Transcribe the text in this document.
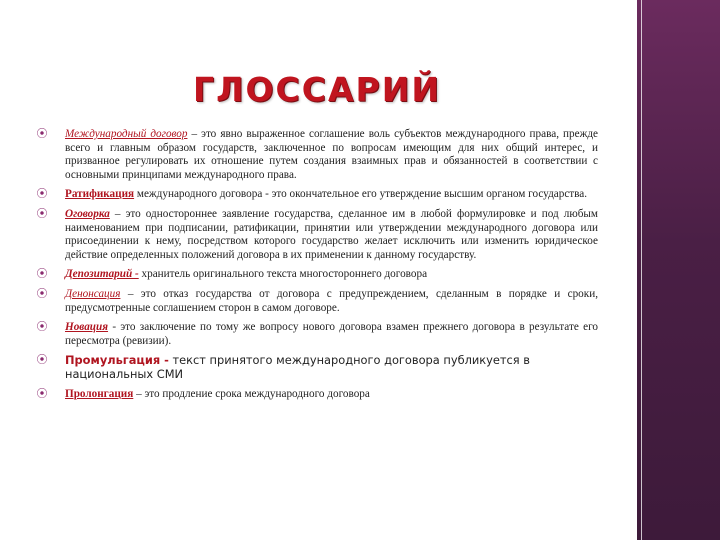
ГЛОССАРИЙ
⦿ Международный договор – это явно выраженное соглашение воль субъектов международного права, прежде всего и главным образом государств, заключенное по вопросам имеющим для них общий интерес, и призванное регулировать их отношение путем создания взаимных прав и обязанностей в соответствии с основными принципами международного права.
⦿ Ратификация международного договора - это окончательное его утверждение высшим органом государства.
⦿ Оговорка – это одностороннее заявление государства, сделанное им в любой формулировке и под любым наименованием при подписании, ратификации, принятии или утверждении международного договора или присоединении к нему, посредством которого государство желает исключить или изменить юридическое действие определенных положений договора в их применении к данному государству.
⦿ Депозитарий - хранитель оригинального текста многостороннего договора
⦿ Денонсация – это отказ государства от договора с предупреждением, сделанным в порядке и сроки, предусмотренные соглашением сторон в самом договоре.
⦿ Новация - это заключение по тому же вопросу нового договора взамен прежнего договора в результате его пересмотра (ревизии).
⦿ Промульгация - текст принятого международного договора публикуется в национальных СМИ
⦿ Пролонгация – это продление срока международного договора
